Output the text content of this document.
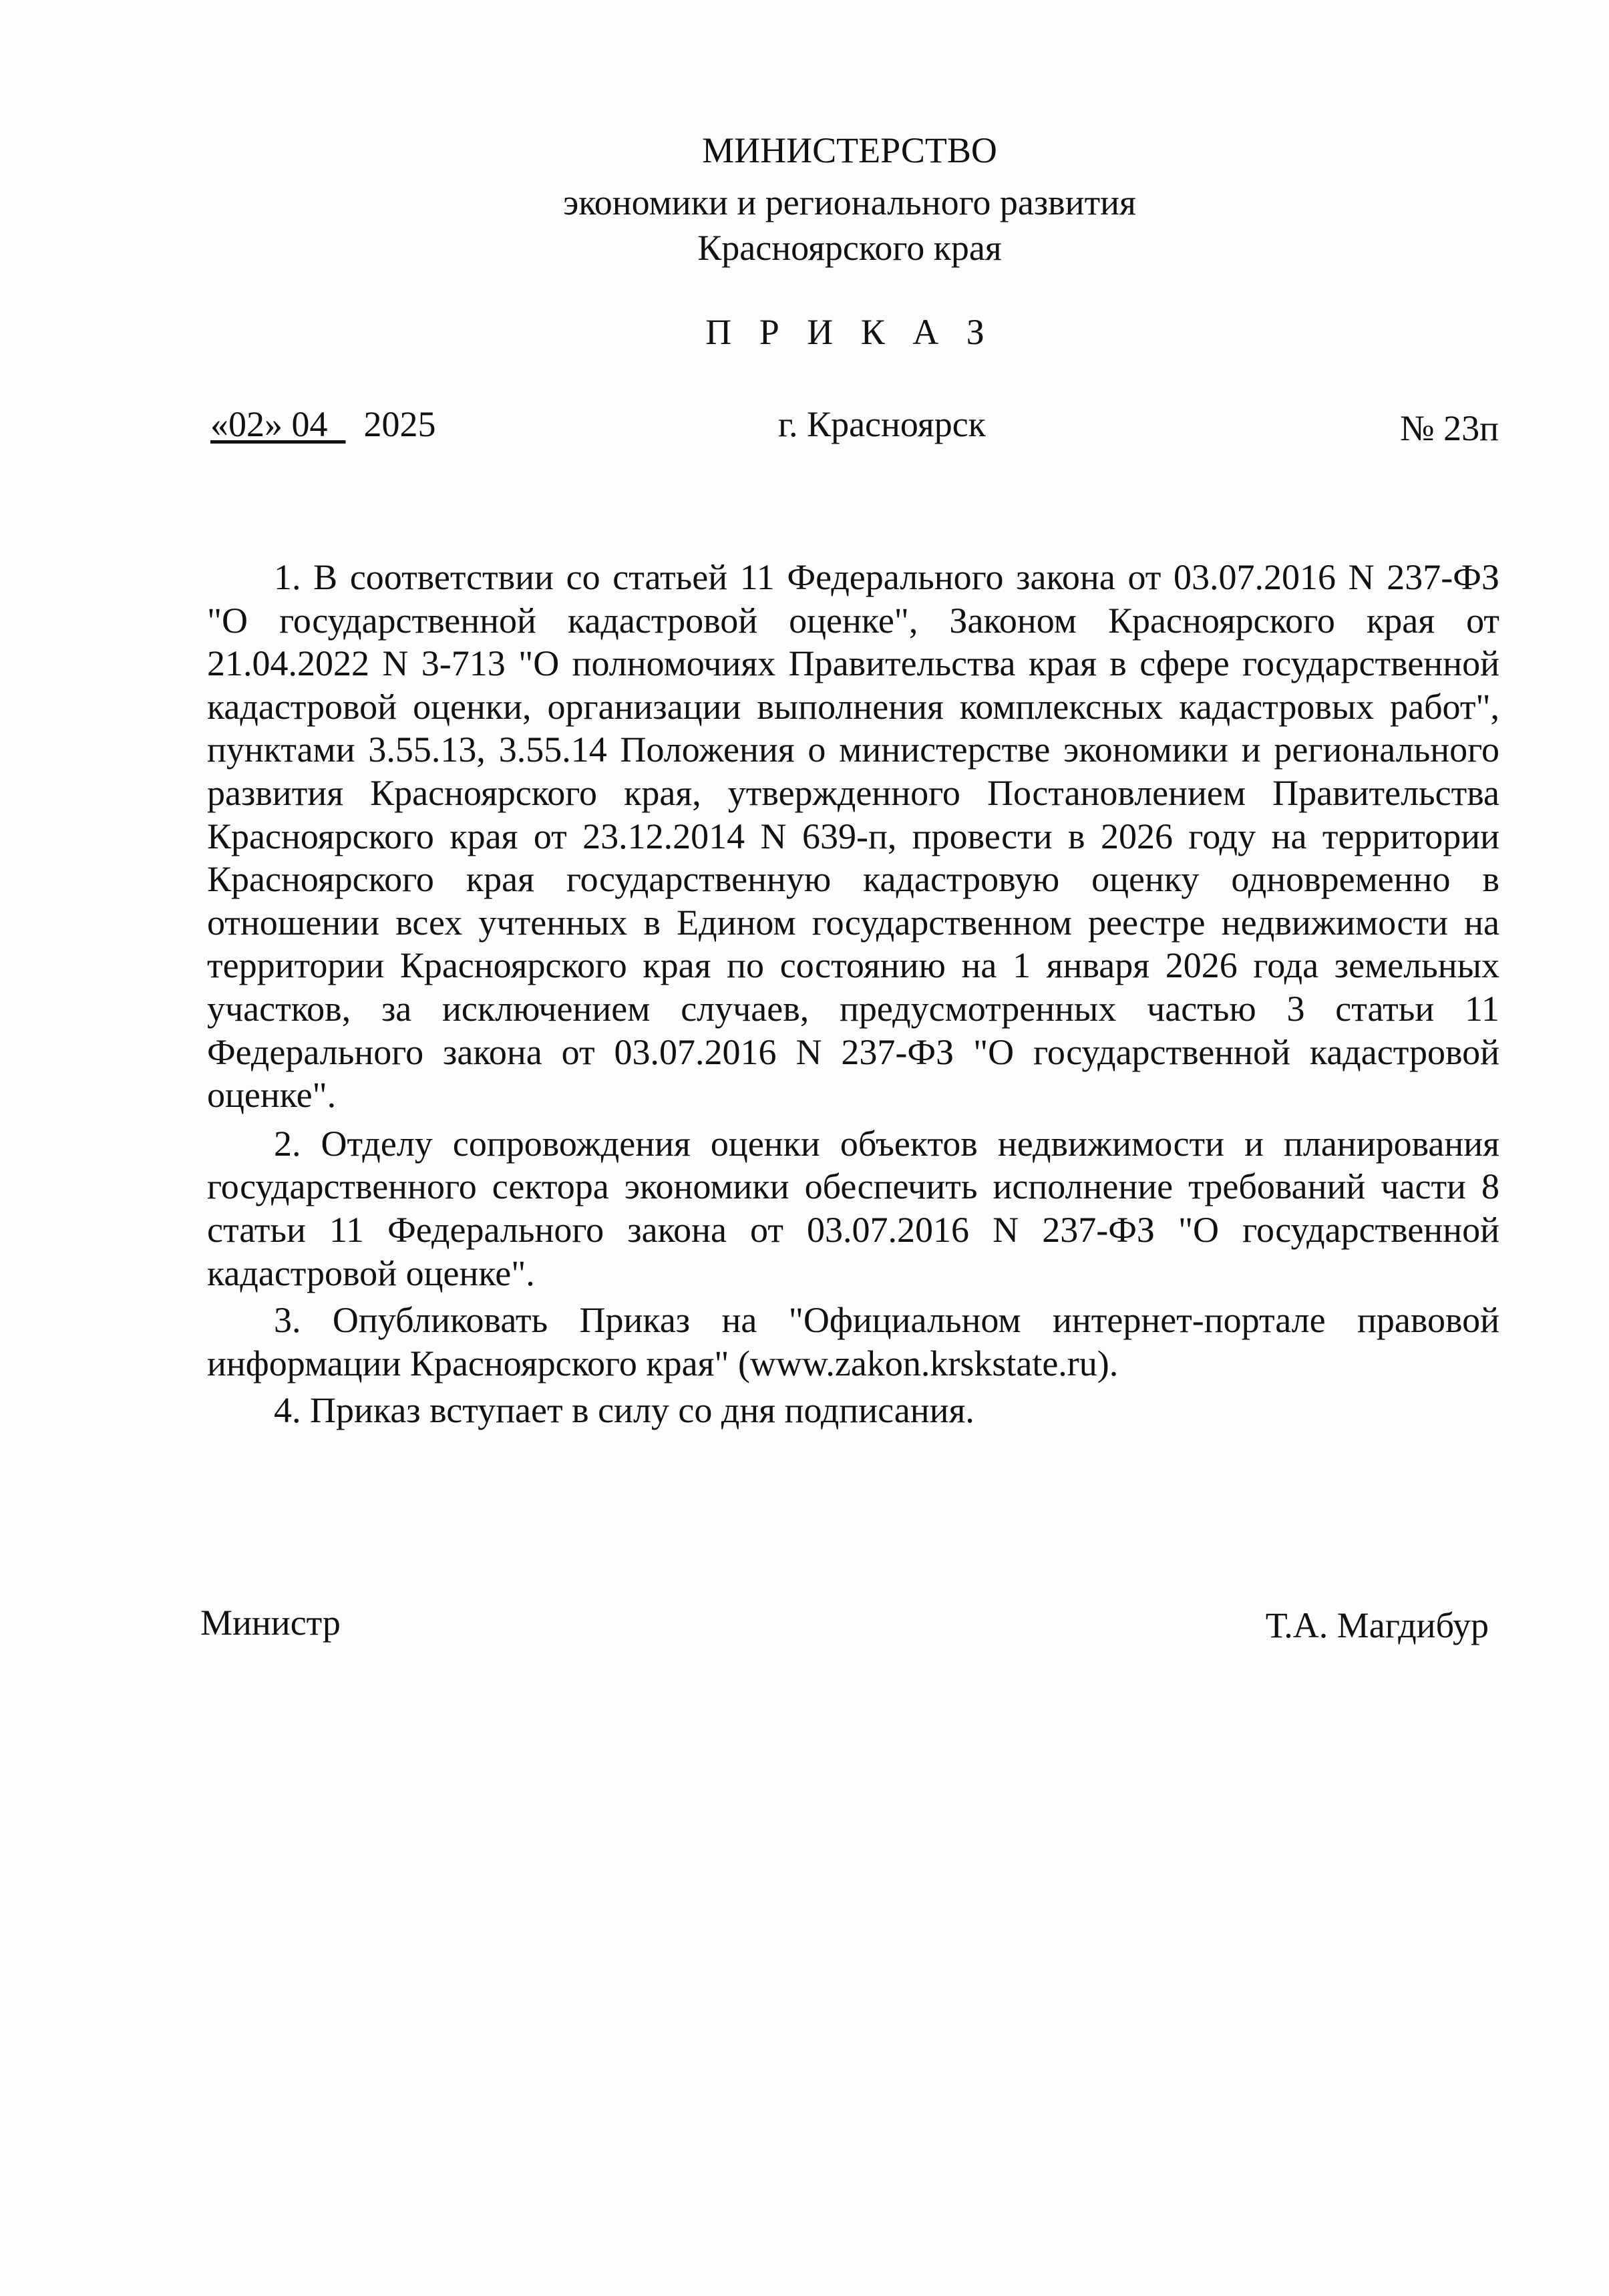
МИНИСТЕРСТВО
экономики и регионального развития
Красноярского края
П Р И К А З
«02» 04 2025	г. Красноярск	№ 23п

1. В соответствии со статьей 11 Федерального закона от 03.07.2016 N 237-ФЗ "О государственной кадастровой оценке", Законом Красноярского края от 21.04.2022 N 3-713 "О полномочиях Правительства края в сфере государственной кадастровой оценки, организации выполнения комплексных кадастровых работ", пунктами 3.55.13, 3.55.14 Положения о министерстве экономики и регионального развития Красноярского края, утвержденного Постановлением Правительства Красноярского края от 23.12.2014 N 639-п, провести в 2026 году на территории Красноярского края государственную кадастровую оценку одновременно в отношении всех учтенных в Едином государственном реестре недвижимости на территории Красноярского края по состоянию на 1 января 2026 года земельных участков, за исключением случаев, предусмотренных частью 3 статьи 11 Федерального закона от 03.07.2016 N 237-ФЗ "О государственной кадастровой оценке".

2. Отделу сопровождения оценки объектов недвижимости и планирования государственного сектора экономики обеспечить исполнение требований части 8 статьи 11 Федерального закона от 03.07.2016 N 237-ФЗ "О государственной кадастровой оценке".

3. Опубликовать Приказ на "Официальном интернет-портале правовой информации Красноярского края" (www.zakon.krskstate.ru).

4. Приказ вступает в силу со дня подписания.

Министр	Т.А. Магдибур
